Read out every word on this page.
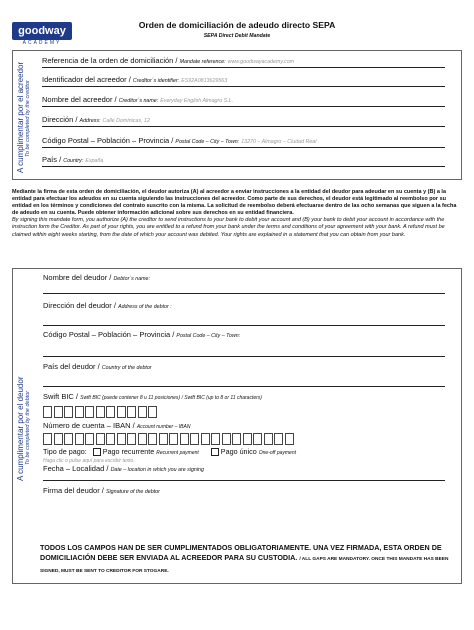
goodway
ACADEMY
Orden de domiciliación de adeudo directo SEPA
SEPA Direct Debit Mandate
A cumplimentar por el acreedor To be completed by the creditor
Referencia de la orden de domiciliación / Mandate reference: www.goodwayacademy.com
Identificador del acreedor / Creditor´s identifier: ES92A08136295​63
Nombre del acreedor / Creditor´s name: Everyday English Almagro S.L.
Dirección / Address: Calle Domínicas, 12
Código Postal – Población – Provincia / Postal Code – City – Town: 13270 – Almagro – Ciudad Real
País / Country: España
Mediante la firma de esta orden de domiciliación, el deudor autoriza (A) al acreedor a enviar instrucciones a la entidad del deudor para adeudar en su cuenta y (B) a la entidad para efectuar los adeudos en su cuenta siguiendo las instrucciones del acreedor. Como parte de sus derechos, el deudor está legitimado al reembolso por su entidad en los términos y condiciones del contrato suscrito con la misma. La solicitud de reembolso deberá efectuarse dentro de las ocho semanas que siguen a la fecha de adeudo en su cuenta. Puede obtener información adicional sobre sus derechos en su entidad financiera.
By signing this mandate form, you authorize (A) the creditor to send instructions to your bank to debit your account and (B) your bank to debit your account in accordance with the instruction form the Creditor. As part of your rights, you are entitled to a refund from your bank under the terms and conditions of your agreement with your bank. A refund must be claimed within eight weeks starting, from the date of which your account was debited. Your rights are explained in a statement that you can obtain from your bank.
A cumplimentar por el deudor To be completed by the debtor
Nombre del deudor / Debtor´s name:
Dirección del deudor / Address of the debtor :
Código Postal – Población – Provincia / Postal Code – City – Town:
País del deudor / Country of the debtor
Swift BIC / Swift BIC (puede contener 8 u 11 posiciones) / Swift BIC (up to 8 or 11 characters)
Número de cuenta – IBAN / Account number – IBAN
Tipo de pago: Pago recurrente Recurrent payment	Pago único One-off payment
Haga clic o pulse aquí para escribir texto.
Fecha – Localidad / Date – location in which you are signing
Firma del deudor / Signature of the debtor
TODOS LOS CAMPOS HAN DE SER CUMPLIMENTADOS OBLIGATORIAMENTE. UNA VEZ FIRMADA, ESTA ORDEN DE DOMICILIACIÓN DEBE SER ENVIADA AL ACREEDOR PARA SU CUSTODIA. / ALL GAPS ARE MANDATORY. ONCE THIS MANDATE HAS BEEN SIGNED, MUST BE SENT TO CREDITOR FOR STOGARE.
